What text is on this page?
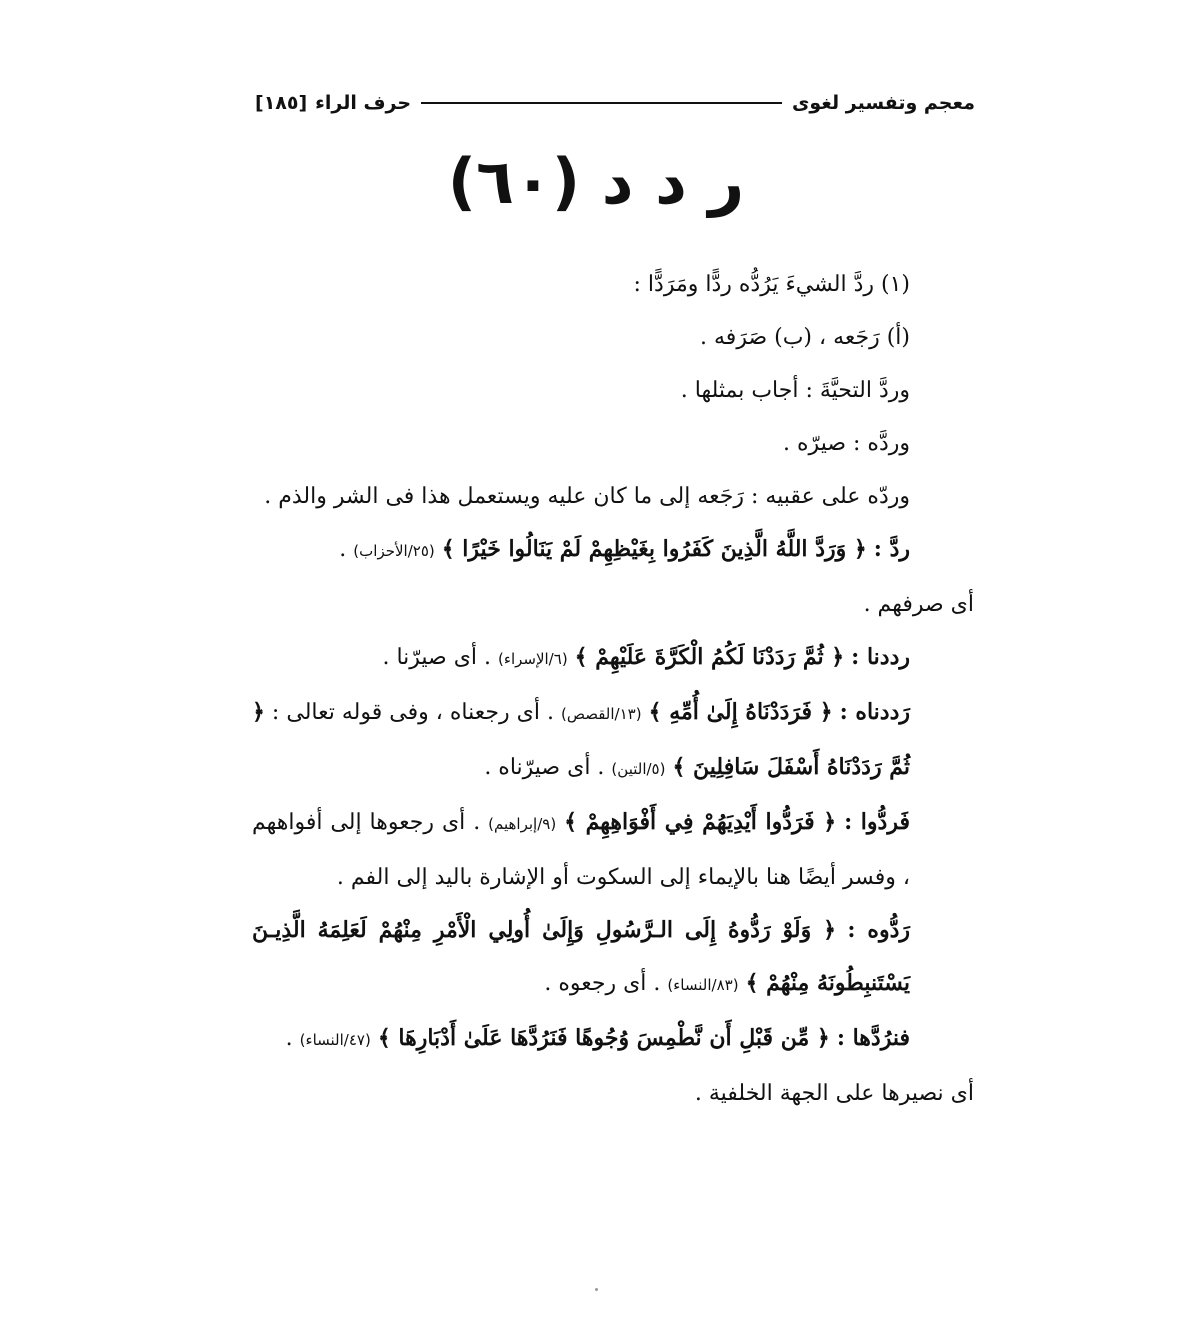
معجم وتفسير لغوى
حرف الراء
[١٨٥]
ر د د (٦٠)

(١) ردَّ الشيءَ يَرُدُّه ردًّا ومَرَدًّا :

(أ) رَجَعه ، (ب) صَرَفه .

وردَّ التحيَّةَ : أجاب بمثلها .

وردَّه : صيرّه .

وردّه على عقبيه : رَجَعه إلى ما كان عليه ويستعمل هذا فى الشر والذم .

ردَّ : ﴿ وَرَدَّ اللَّهُ الَّذِينَ كَفَرُوا بِغَيْظِهِمْ لَمْ يَنَالُوا خَيْرًا ﴾ (٢٥/الأحزاب) .

أى صرفهم .

رددنا : ﴿ ثُمَّ رَدَدْنَا لَكُمُ الْكَرَّةَ عَلَيْهِمْ ﴾ (٦/الإسراء) . أى صيرّنا .

رَددناه : ﴿ فَرَدَدْنَاهُ إِلَىٰ أُمِّهِ ﴾ (١٣/القصص) . أى رجعناه ، وفى قوله تعالى : ﴿ ثُمَّ رَدَدْنَاهُ أَسْفَلَ سَافِلِينَ ﴾ (٥/التين) . أى صيرّناه .

فَردُّوا : ﴿ فَرَدُّوا أَيْدِيَهُمْ فِي أَفْوَاهِهِمْ ﴾ (٩/إبراهيم) . أى رجعوها إلى أفواههم ، وفسر أيضًا هنا بالإيماء إلى السكوت أو الإشارة باليد إلى الفم .

رَدُّوه : ﴿ وَلَوْ رَدُّوهُ إِلَى الـرَّسُولِ وَإِلَىٰ أُولِي الْأَمْرِ مِنْهُمْ لَعَلِمَهُ الَّذِيـنَ يَسْتَنبِطُونَهُ مِنْهُمْ ﴾ (٨٣/النساء) . أى رجعوه .

فنرُدَّها : ﴿ مِّن قَبْلِ أَن نَّطْمِسَ وُجُوهًا فَنَرُدَّهَا عَلَىٰ أَدْبَارِهَا ﴾ (٤٧/النساء) .

أى نصيرها على الجهة الخلفية .
